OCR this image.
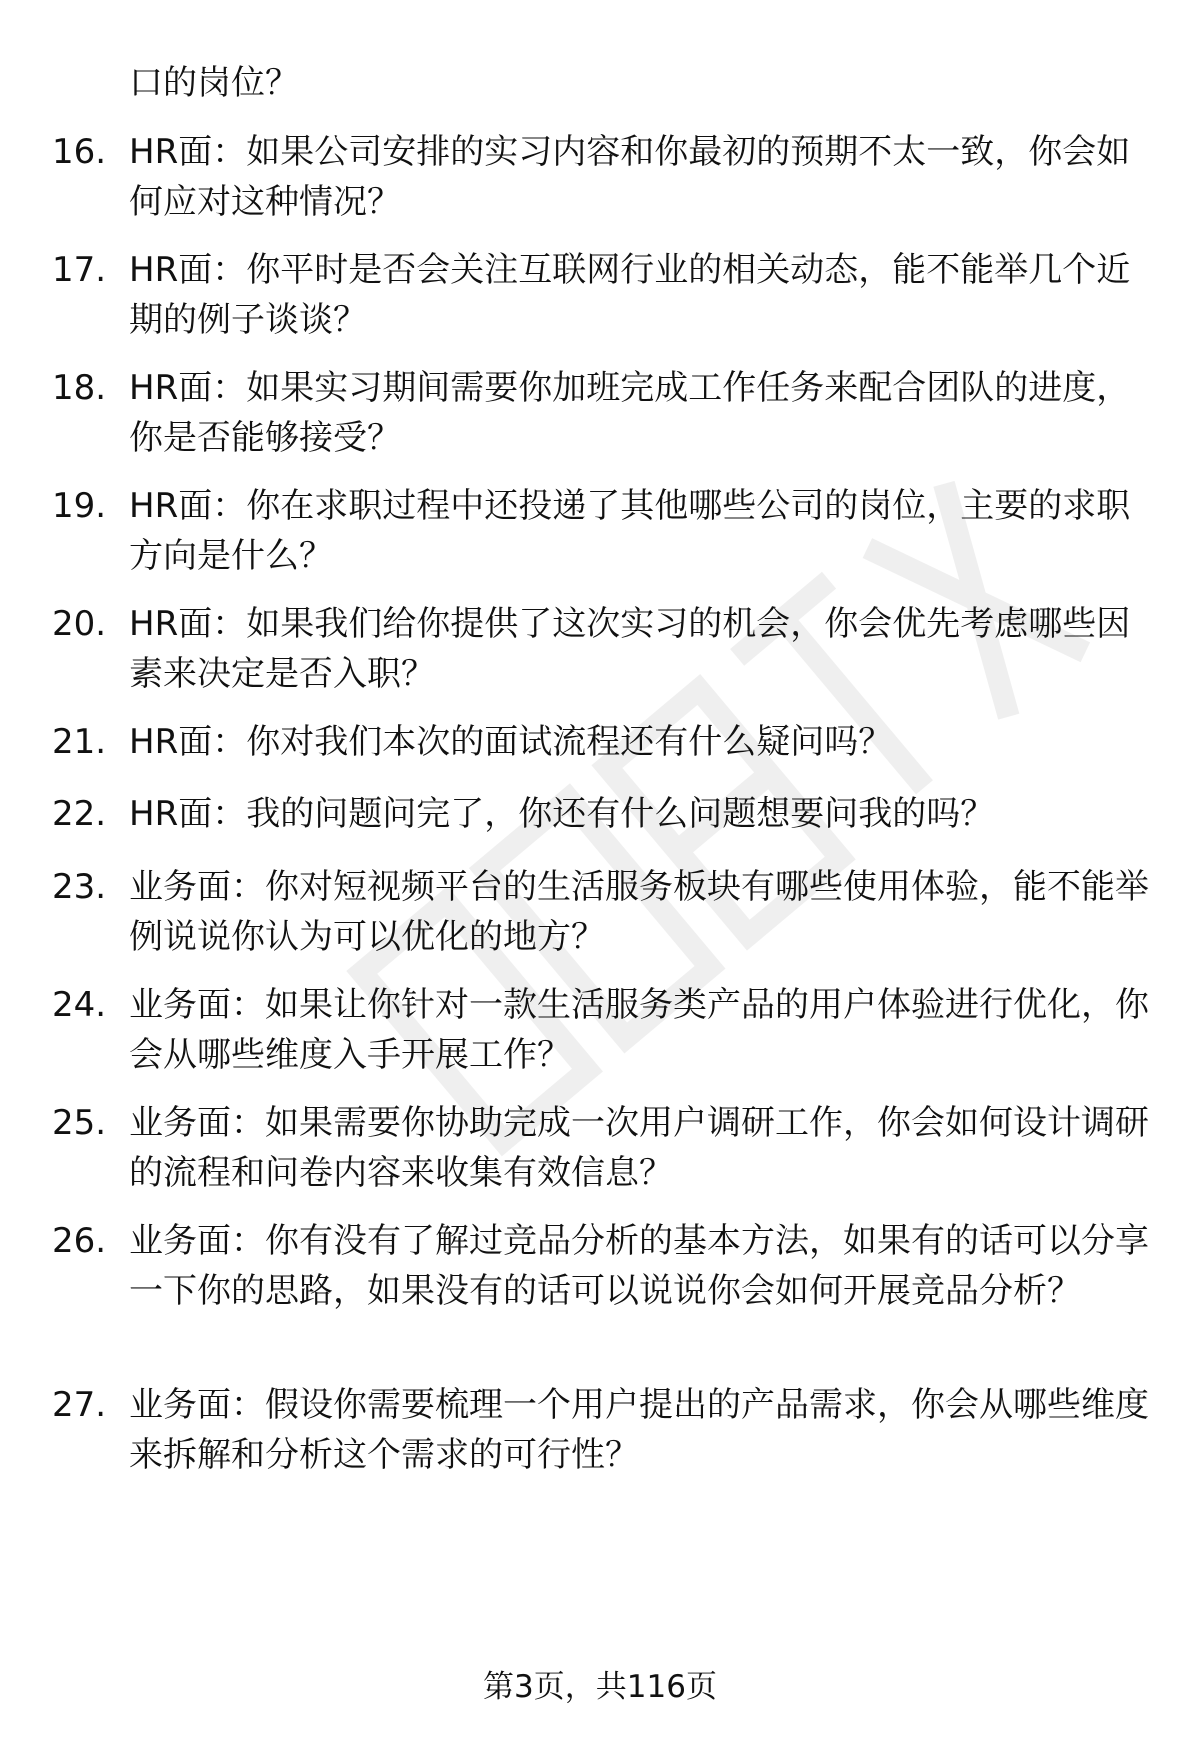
口的岗位？

16. HR面：如果公司安排的实习内容和你最初的预期不太一致，你会如何应对这种情况？
17. HR面：你平时是否会关注互联网行业的相关动态，能不能举几个近期的例子谈谈？
18. HR面：如果实习期间需要你加班完成工作任务来配合团队的进度，你是否能够接受？
19. HR面：你在求职过程中还投递了其他哪些公司的岗位，主要的求职方向是什么？
20. HR面：如果我们给你提供了这次实习的机会，你会优先考虑哪些因素来决定是否入职？
21. HR面：你对我们本次的面试流程还有什么疑问吗？
22. HR面：我的问题问完了，你还有什么问题想要问我的吗？
23. 业务面：你对短视频平台的生活服务板块有哪些使用体验，能不能举例说说你认为可以优化的地方？
24. 业务面：如果让你针对一款生活服务类产品的用户体验进行优化，你会从哪些维度入手开展工作？
25. 业务面：如果需要你协助完成一次用户调研工作，你会如何设计调研的流程和问卷内容来收集有效信息？
26. 业务面：你有没有了解过竞品分析的基本方法，如果有的话可以分享一下你的思路，如果没有的话可以说说你会如何开展竞品分析？
27. 业务面：假设你需要梳理一个用户提出的产品需求，你会从哪些维度来拆解和分析这个需求的可行性？
第3页，共116页
